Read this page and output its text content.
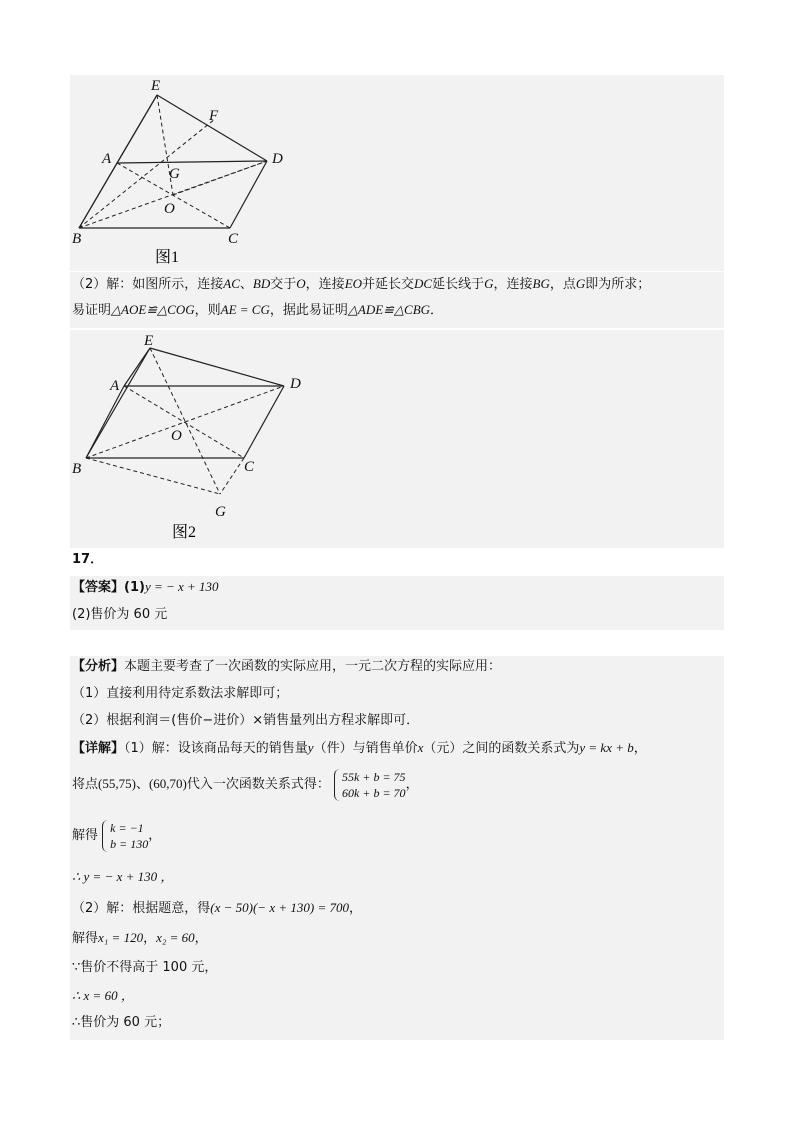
E
F
A	D
G
O
B	C
图1
（2）解：如图所示，连接AC、BD交于O，连接EO并延长交DC延长线于G，连接BG，点G即为所求；
易证明△AOE≌△COG，则AE = CG，据此易证明△ADE≌△CBG．
E
A	D
O
B	C
G
图2
17．
【答案】(1)y = − x + 130
(2)售价为 60 元
【分析】本题主要考查了一次函数的实际应用，一元二次方程的实际应用：
（1）直接利用待定系数法求解即可；
（2）根据利润＝(售价−进价）×销售量列出方程求解即可．
【详解】（1）解：设该商品每天的销售量y（件）与销售单价x（元）之间的函数关系式为y = kx + b，
将点(55,75)、(60,70)代入一次函数关系式得：
55k + b = 75
60k + b = 70
，
解得
k = −1
b = 130
，
∴ y = − x + 130 ，
（2）解：根据题意，得(x − 50)(− x + 130) = 700，
解得x₁ = 120，x₂ = 60，
∵售价不得高于 100 元，
∴ x = 60 ，
∴售价为 60 元；
